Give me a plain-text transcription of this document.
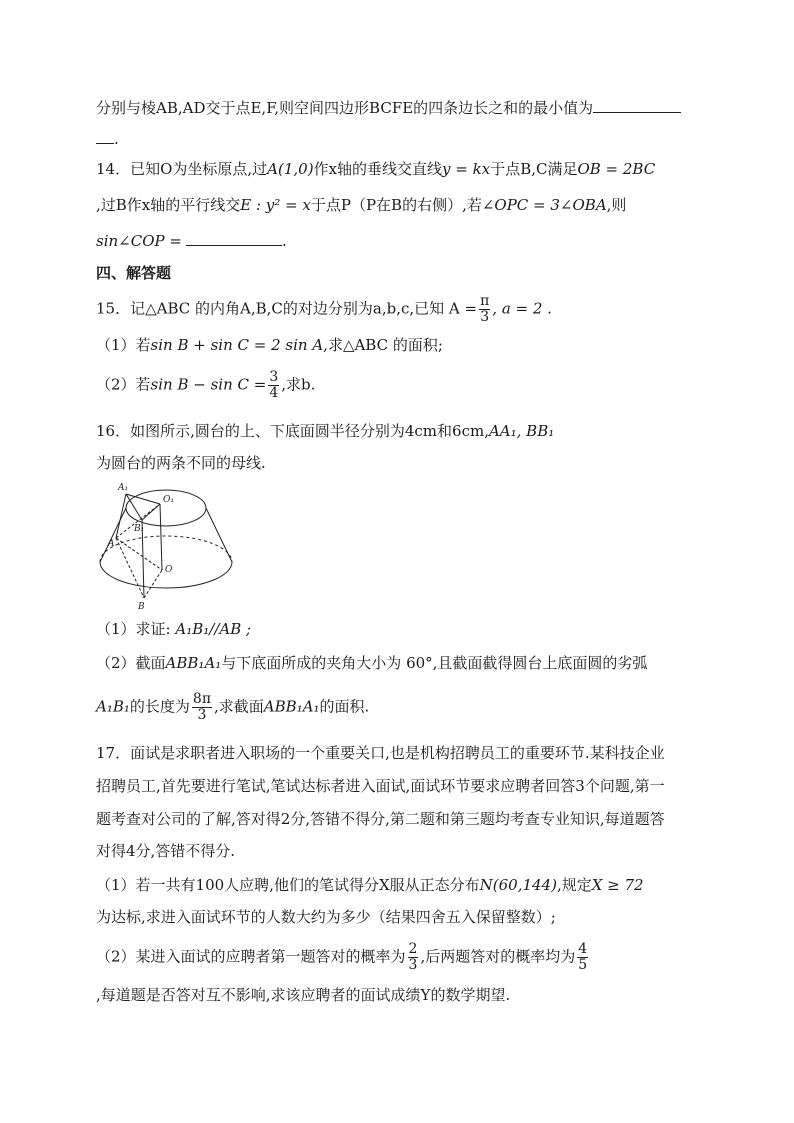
分别与棱AB,AD交于点E,F,则空间四边形BCFE的四条边长之和的最小值为
.
14．已知O为坐标原点,过A(1,0)作x轴的垂线交直线y = kx于点B,C满足OB = 2BC
,过B作x轴的平行线交E : y² = x于点P（P在B的右侧）,若∠OPC = 3∠OBA,则
sin∠COP =	.
四、解答题
15．记△ABC 的内角A,B,C的对边分别为a,b,c,已知 $A = \frac{\pi}{3}$ , a = 2 .
（1）若sin B + sin C = 2 sin A,求△ABC 的面积;
（2）若$\sin B - \sin C = \frac{3}{4}$ ,求b.
16．如图所示,圆台的上、下底面圆半径分别为4cm和6cm,AA₁, BB₁
为圆台的两条不同的母线.
A₁
B₁
O₁
A
O
B
（1）求证: A₁B₁//AB ;
（2）截面ABB₁A₁与下底面所成的夹角大小为 60°,且截面截得圆台上底面圆的劣弧
A₁B₁的长度为 $\frac{8\pi}{3}$ ,求截面ABB₁A₁的面积.
17．面试是求职者进入职场的一个重要关口,也是机构招聘员工的重要环节.某科技企业
招聘员工,首先要进行笔试,笔试达标者进入面试,面试环节要求应聘者回答3个问题,第一
题考查对公司的了解,答对得2分,答错不得分,第二题和第三题均考查专业知识,每道题答
对得4分,答错不得分.
（1）若一共有100人应聘,他们的笔试得分X服从正态分布N(60,144),规定X ≥ 72
为达标,求进入面试环节的人数大约为多少（结果四舍五入保留整数）;
（2）某进入面试的应聘者第一题答对的概率为 $\frac{2}{3}$ ,后两题答对的概率均为 $\frac{4}{5}$
,每道题是否答对互不影响,求该应聘者的面试成绩Y的数学期望.
